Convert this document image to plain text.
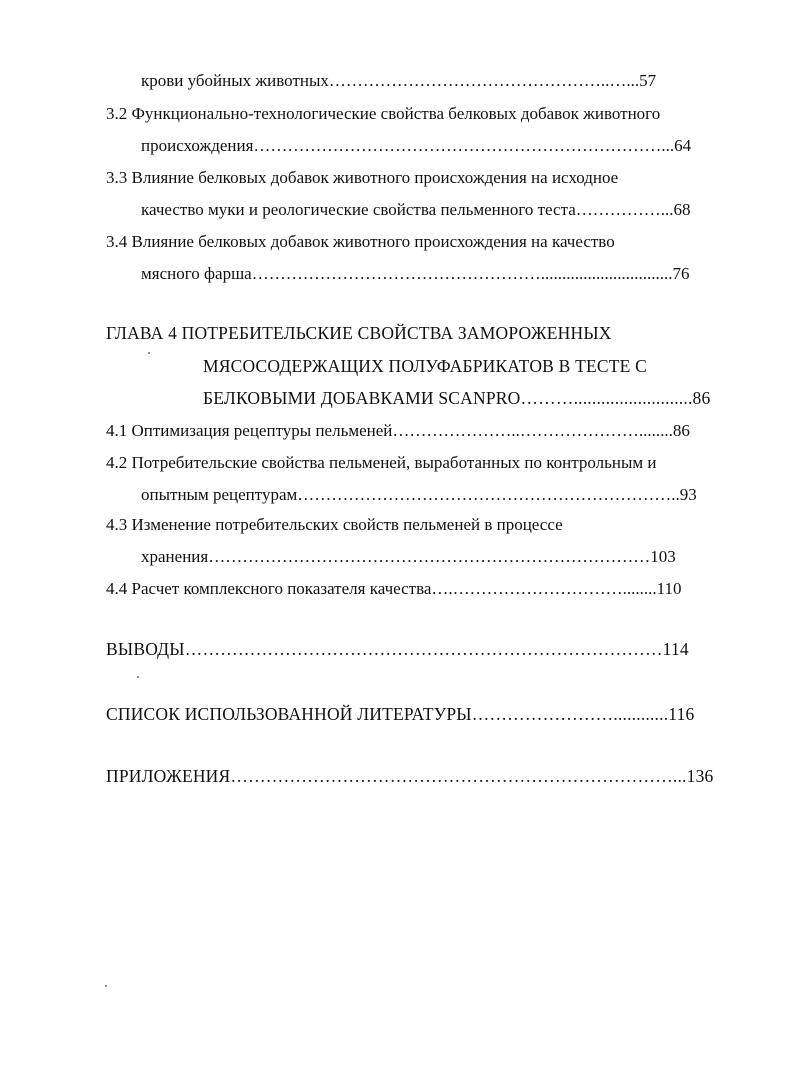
крови убойных животных…………………………………………..…...57
3.2 Функционально-технологические свойства белковых добавок животного
происхождения………………………………………………………………...64
3.3 Влияние белковых добавок животного происхождения на исходное
качество муки и реологические свойства пельменного теста……………...68
3.4 Влияние белковых добавок животного происхождения на качество
мясного фарша……………………………………………...............................76
ГЛАВА 4 ПОТРЕБИТЕЛЬСКИЕ СВОЙСТВА ЗАМОРОЖЕННЫХ
МЯСОСОДЕРЖАЩИХ ПОЛУФАБРИКАТОВ В ТЕСТЕ С
БЕЛКОВЫМИ ДОБАВКАМИ SCANPRO………..........................86
4.1 Оптимизация рецептуры пельменей…………………..…………………........86
4.2 Потребительские свойства пельменей, выработанных по контрольным и
опытным рецептурам…………………………………………………………..93
4.3 Изменение потребительских свойств пельменей в процессе
хранения……………………………………………………………………103
4.4 Расчет комплексного показателя качества….…………………………........110
ВЫВОДЫ………………………………………………………………………114
СПИСОК ИСПОЛЬЗОВАННОЙ ЛИТЕРАТУРЫ……………………............116
ПРИЛОЖЕНИЯ…………………………………………………………………...136
